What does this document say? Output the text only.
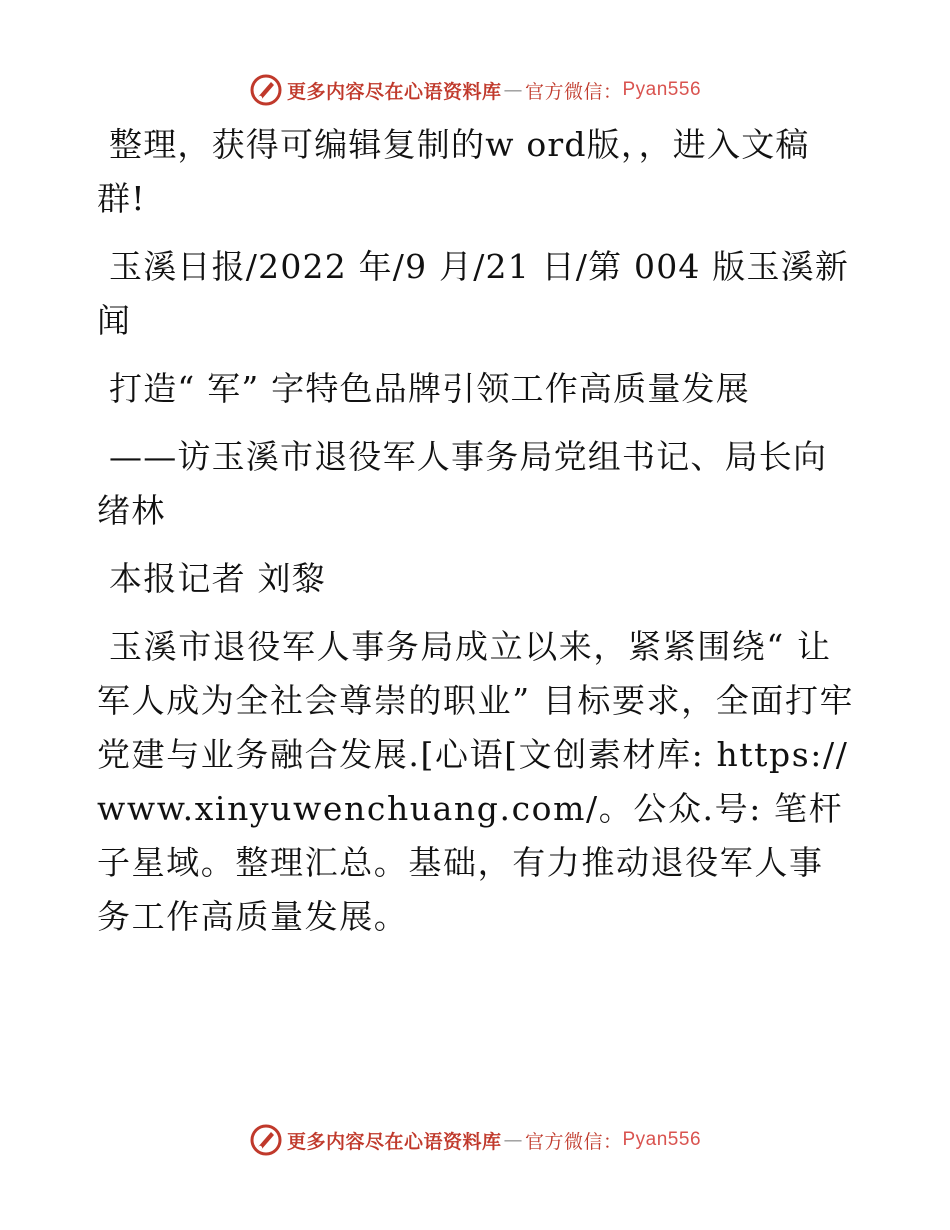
更多内容尽在心语资料库 — 官方微信： Pyan556

整理，获得可编辑复制的w ord版，，进入文稿群!

玉溪日报/2022 年/9 月/21 日/第 004 版玉溪新闻

打造“ 军” 字特色品牌引领工作高质量发展

——访玉溪市退役军人事务局党组书记、局长向绪林

本报记者 刘黎

玉溪市退役军人事务局成立以来，紧紧围绕“ 让军人成为全社会尊崇的职业” 目标要求，全面打牢党建与业务融合发展.[心语[文创素材库: https://www.xinyuwenchuang.com/。公众.号: 笔杆子星域。整理汇总。基础，有力推动退役军人事务工作高质量发展。

更多内容尽在心语资料库 — 官方微信： Pyan556
